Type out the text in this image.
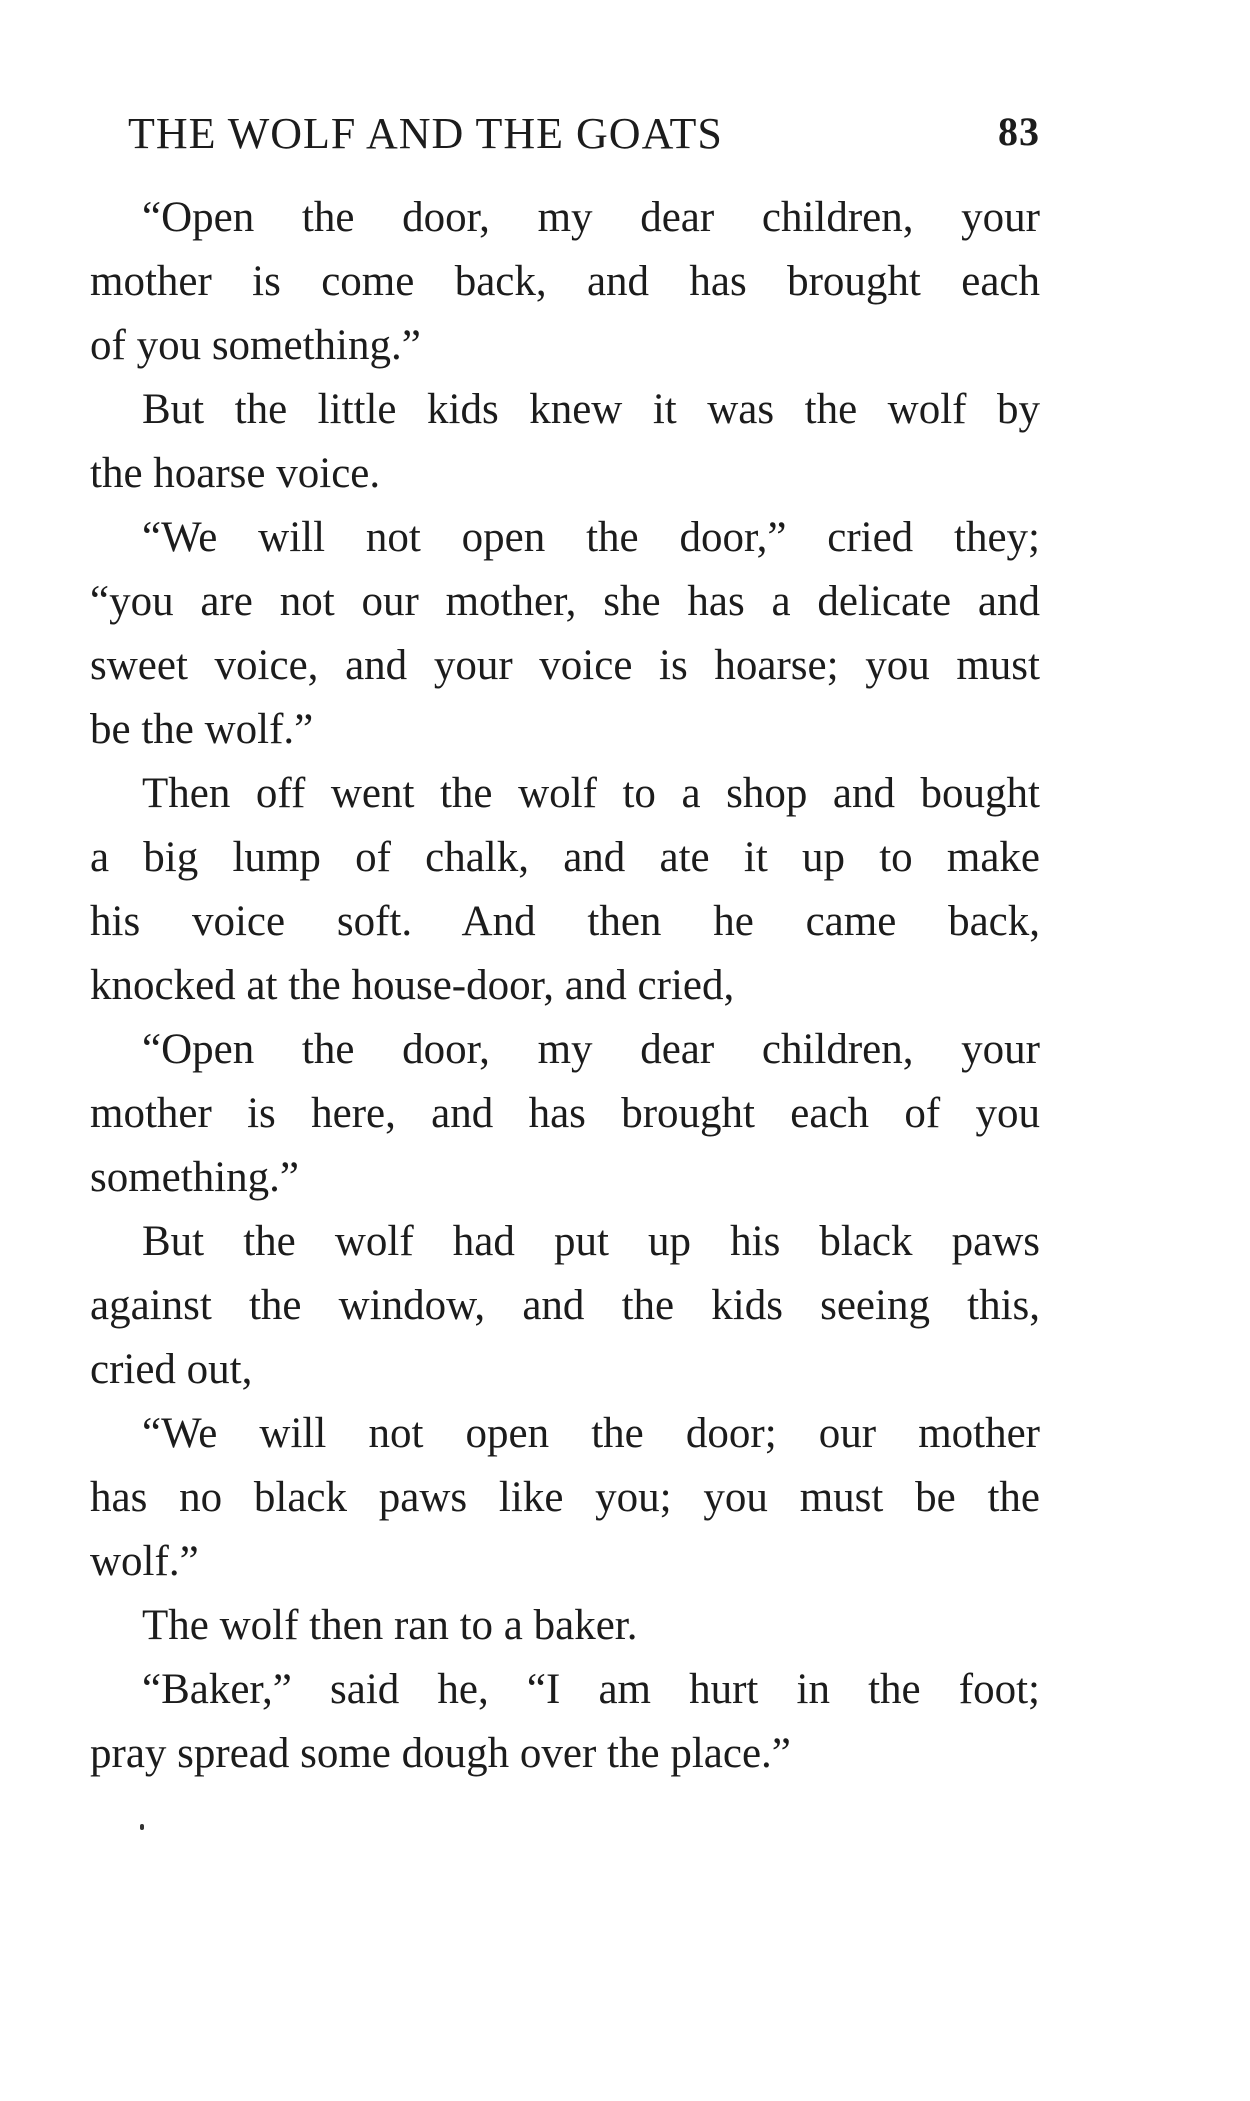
THE WOLF AND THE GOATS	83
“Open the door, my dear children, your
mother is come back, and has brought each
of you something.”
But the little kids knew it was the wolf by
the hoarse voice.
“We will not open the door,” cried they;
“you are not our mother, she has a delicate and
sweet voice, and your voice is hoarse; you must
be the wolf.”
Then off went the wolf to a shop and bought
a big lump of chalk, and ate it up to make
his voice soft. And then he came back,
knocked at the house-door, and cried,
“Open the door, my dear children, your
mother is here, and has brought each of you
something.”
But the wolf had put up his black paws
against the window, and the kids seeing this,
cried out,
“We will not open the door; our mother
has no black paws like you; you must be the
wolf.”
The wolf then ran to a baker.
“Baker,” said he, “I am hurt in the foot;
pray spread some dough over the place.”
